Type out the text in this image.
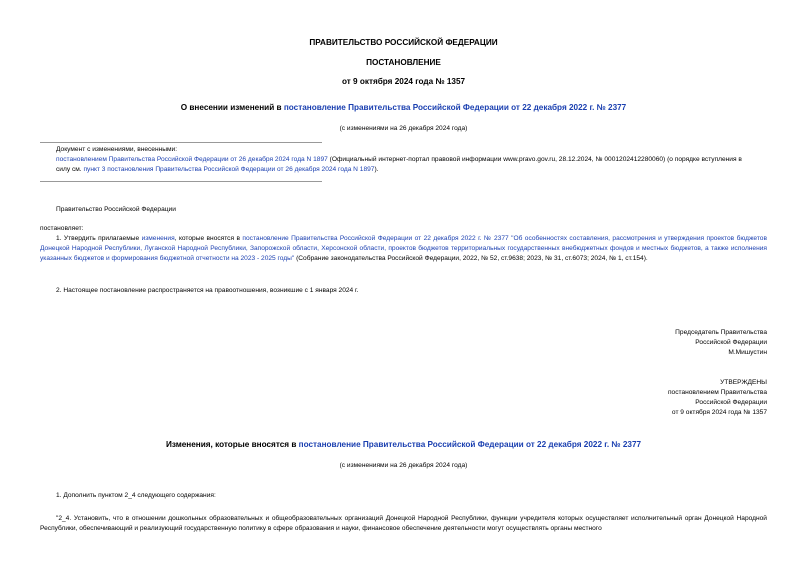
ПРАВИТЕЛЬСТВО РОССИЙСКОЙ ФЕДЕРАЦИИ
ПОСТАНОВЛЕНИЕ
от 9 октября 2024 года № 1357
О внесении изменений в постановление Правительства Российской Федерации от 22 декабря 2022 г. № 2377
(с изменениями на 26 декабря 2024 года)
Документ с изменениями, внесенными:
постановлением Правительства Российской Федерации от 26 декабря 2024 года N 1897 (Официальный интернет-портал правовой информации www.pravo.gov.ru, 28.12.2024, № 0001202412280060) (о порядке вступления в силу см. пункт 3 постановления Правительства Российской Федерации от 26 декабря 2024 года N 1897).
Правительство Российской Федерации
постановляет:
1. Утвердить прилагаемые изменения, которые вносятся в постановление Правительства Российской Федерации от 22 декабря 2022 г. № 2377 "Об особенностях составления, рассмотрения и утверждения проектов бюджетов Донецкой Народной Республики, Луганской Народной Республики, Запорожской области, Херсонской области, проектов бюджетов территориальных государственных внебюджетных фондов и местных бюджетов, а также исполнения указанных бюджетов и формирования бюджетной отчетности на 2023 - 2025 годы" (Собрание законодательства Российской Федерации, 2022, № 52, ст.9638; 2023, № 31, ст.6073; 2024, № 1, ст.154).
2. Настоящее постановление распространяется на правоотношения, возникшие с 1 января 2024 г.
Председатель Правительства
Российской Федерации
М.Мишустин
УТВЕРЖДЕНЫ
постановлением Правительства
Российской Федерации
от 9 октября 2024 года № 1357
Изменения, которые вносятся в постановление Правительства Российской Федерации от 22 декабря 2022 г. № 2377
(с изменениями на 26 декабря 2024 года)
1. Дополнить пунктом 2_4 следующего содержания:
"2_4. Установить, что в отношении дошкольных образовательных и общеобразовательных организаций Донецкой Народной Республики, функции учредителя которых осуществляет исполнительный орган Донецкой Народной Республики, обеспечивающий и реализующий государственную политику в сфере образования и науки, финансовое обеспечение деятельности могут осуществлять органы местного
